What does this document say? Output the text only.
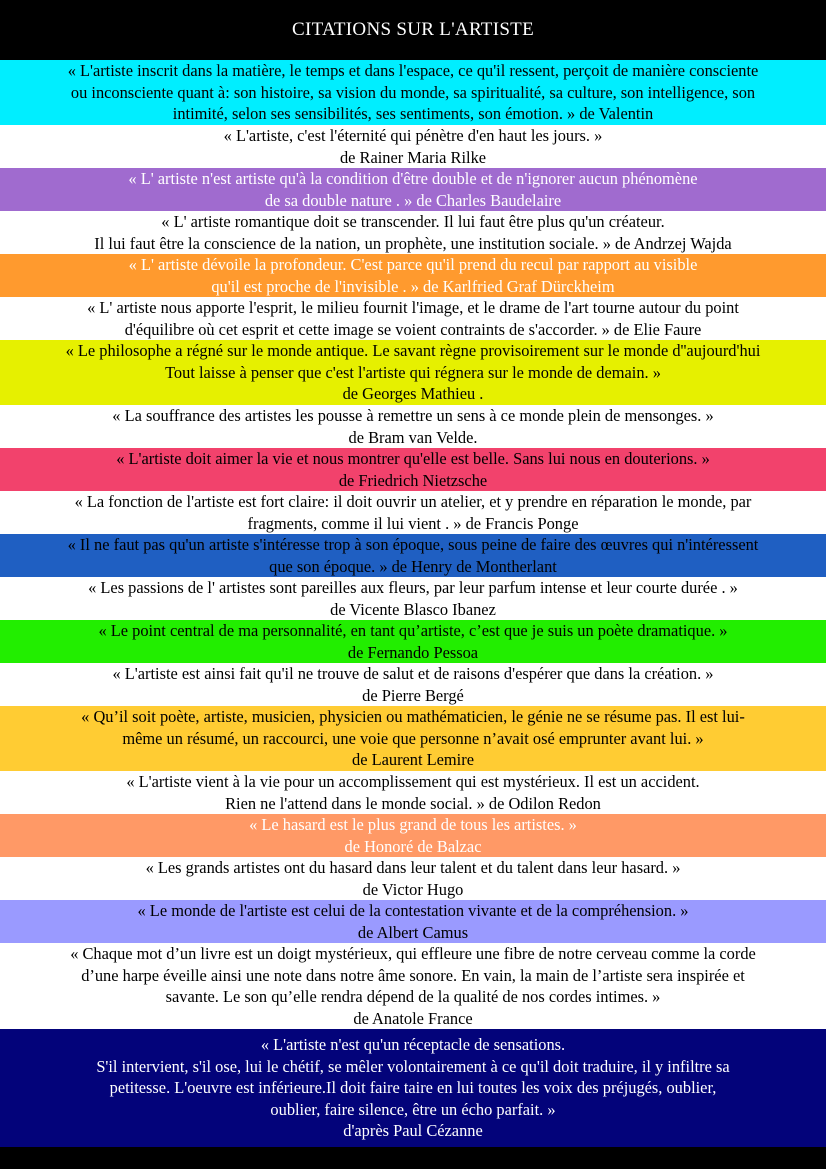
CITATIONS SUR L'ARTISTE
« L'artiste inscrit dans la matière, le temps et dans l'espace, ce qu'il ressent, perçoit de manière consciente
ou inconsciente quant à: son histoire, sa vision du monde, sa spiritualité, sa culture, son intelligence, son
intimité, selon ses sensibilités, ses sentiments, son émotion. » de Valentin
« L'artiste, c'est l'éternité qui pénètre d'en haut les jours. »
de Rainer Maria Rilke
« L' artiste n'est artiste qu'à la condition d'être double et de n'ignorer aucun phénomène
de sa double nature . » de Charles Baudelaire
« L' artiste romantique doit se transcender. Il lui faut être plus qu'un créateur.
Il lui faut être la conscience de la nation, un prophète, une institution sociale. » de Andrzej Wajda
« L' artiste dévoile la profondeur. C'est parce qu'il prend du recul par rapport au visible
qu'il est proche de l'invisible . » de Karlfried Graf Dürckheim
« L' artiste nous apporte l'esprit, le milieu fournit l'image, et le drame de l'art tourne autour du point
d'équilibre où cet esprit et cette image se voient contraints de s'accorder. » de Elie Faure
« Le philosophe a régné sur le monde antique. Le savant règne provisoirement sur le monde d''aujourd'hui
Tout laisse à penser que c'est l'artiste qui régnera sur le monde de demain. »
de Georges Mathieu .
« La souffrance des artistes les pousse à remettre un sens à ce monde plein de mensonges. »
de Bram van Velde.
« L'artiste doit aimer la vie et nous montrer qu'elle est belle. Sans lui nous en douterions. »
de Friedrich Nietzsche
« La fonction de l'artiste est fort claire: il doit ouvrir un atelier, et y prendre en réparation le monde, par
fragments, comme il lui vient . » de Francis Ponge
« Il ne faut pas qu'un artiste s'intéresse trop à son époque, sous peine de faire des œuvres qui n'intéressent
que son époque. » de Henry de Montherlant
« Les passions de l' artistes sont pareilles aux fleurs, par leur parfum intense et leur courte durée . »
de Vicente Blasco Ibanez
« Le point central de ma personnalité, en tant qu’artiste, c’est que je suis un poète dramatique. »
de Fernando Pessoa
« L'artiste est ainsi fait qu'il ne trouve de salut et de raisons d'espérer que dans la création. »
de Pierre Bergé
« Qu’il soit poète, artiste, musicien, physicien ou mathématicien, le génie ne se résume pas. Il est lui-
même un résumé, un raccourci, une voie que personne n’avait osé emprunter avant lui. »
de Laurent Lemire
« L'artiste vient à la vie pour un accomplissement qui est mystérieux. Il est un accident.
Rien ne l'attend dans le monde social. » de Odilon Redon
« Le hasard est le plus grand de tous les artistes. »
de Honoré de Balzac
« Les grands artistes ont du hasard dans leur talent et du talent dans leur hasard. »
de Victor Hugo
« Le monde de l'artiste est celui de la contestation vivante et de la compréhension. »
de Albert Camus
« Chaque mot d’un livre est un doigt mystérieux, qui effleure une fibre de notre cerveau comme la corde
d’une harpe éveille ainsi une note dans notre âme sonore. En vain, la main de l’artiste sera inspirée et
savante. Le son qu’elle rendra dépend de la qualité de nos cordes intimes. »
de Anatole France
« L'artiste n'est qu'un réceptacle de sensations.
S'il intervient, s'il ose, lui le chétif, se mêler volontairement à ce qu'il doit traduire, il y infiltre sa
petitesse. L'oeuvre est inférieure.Il doit faire taire en lui toutes les voix des préjugés, oublier,
oublier, faire silence, être un écho parfait. »
d'après Paul Cézanne
